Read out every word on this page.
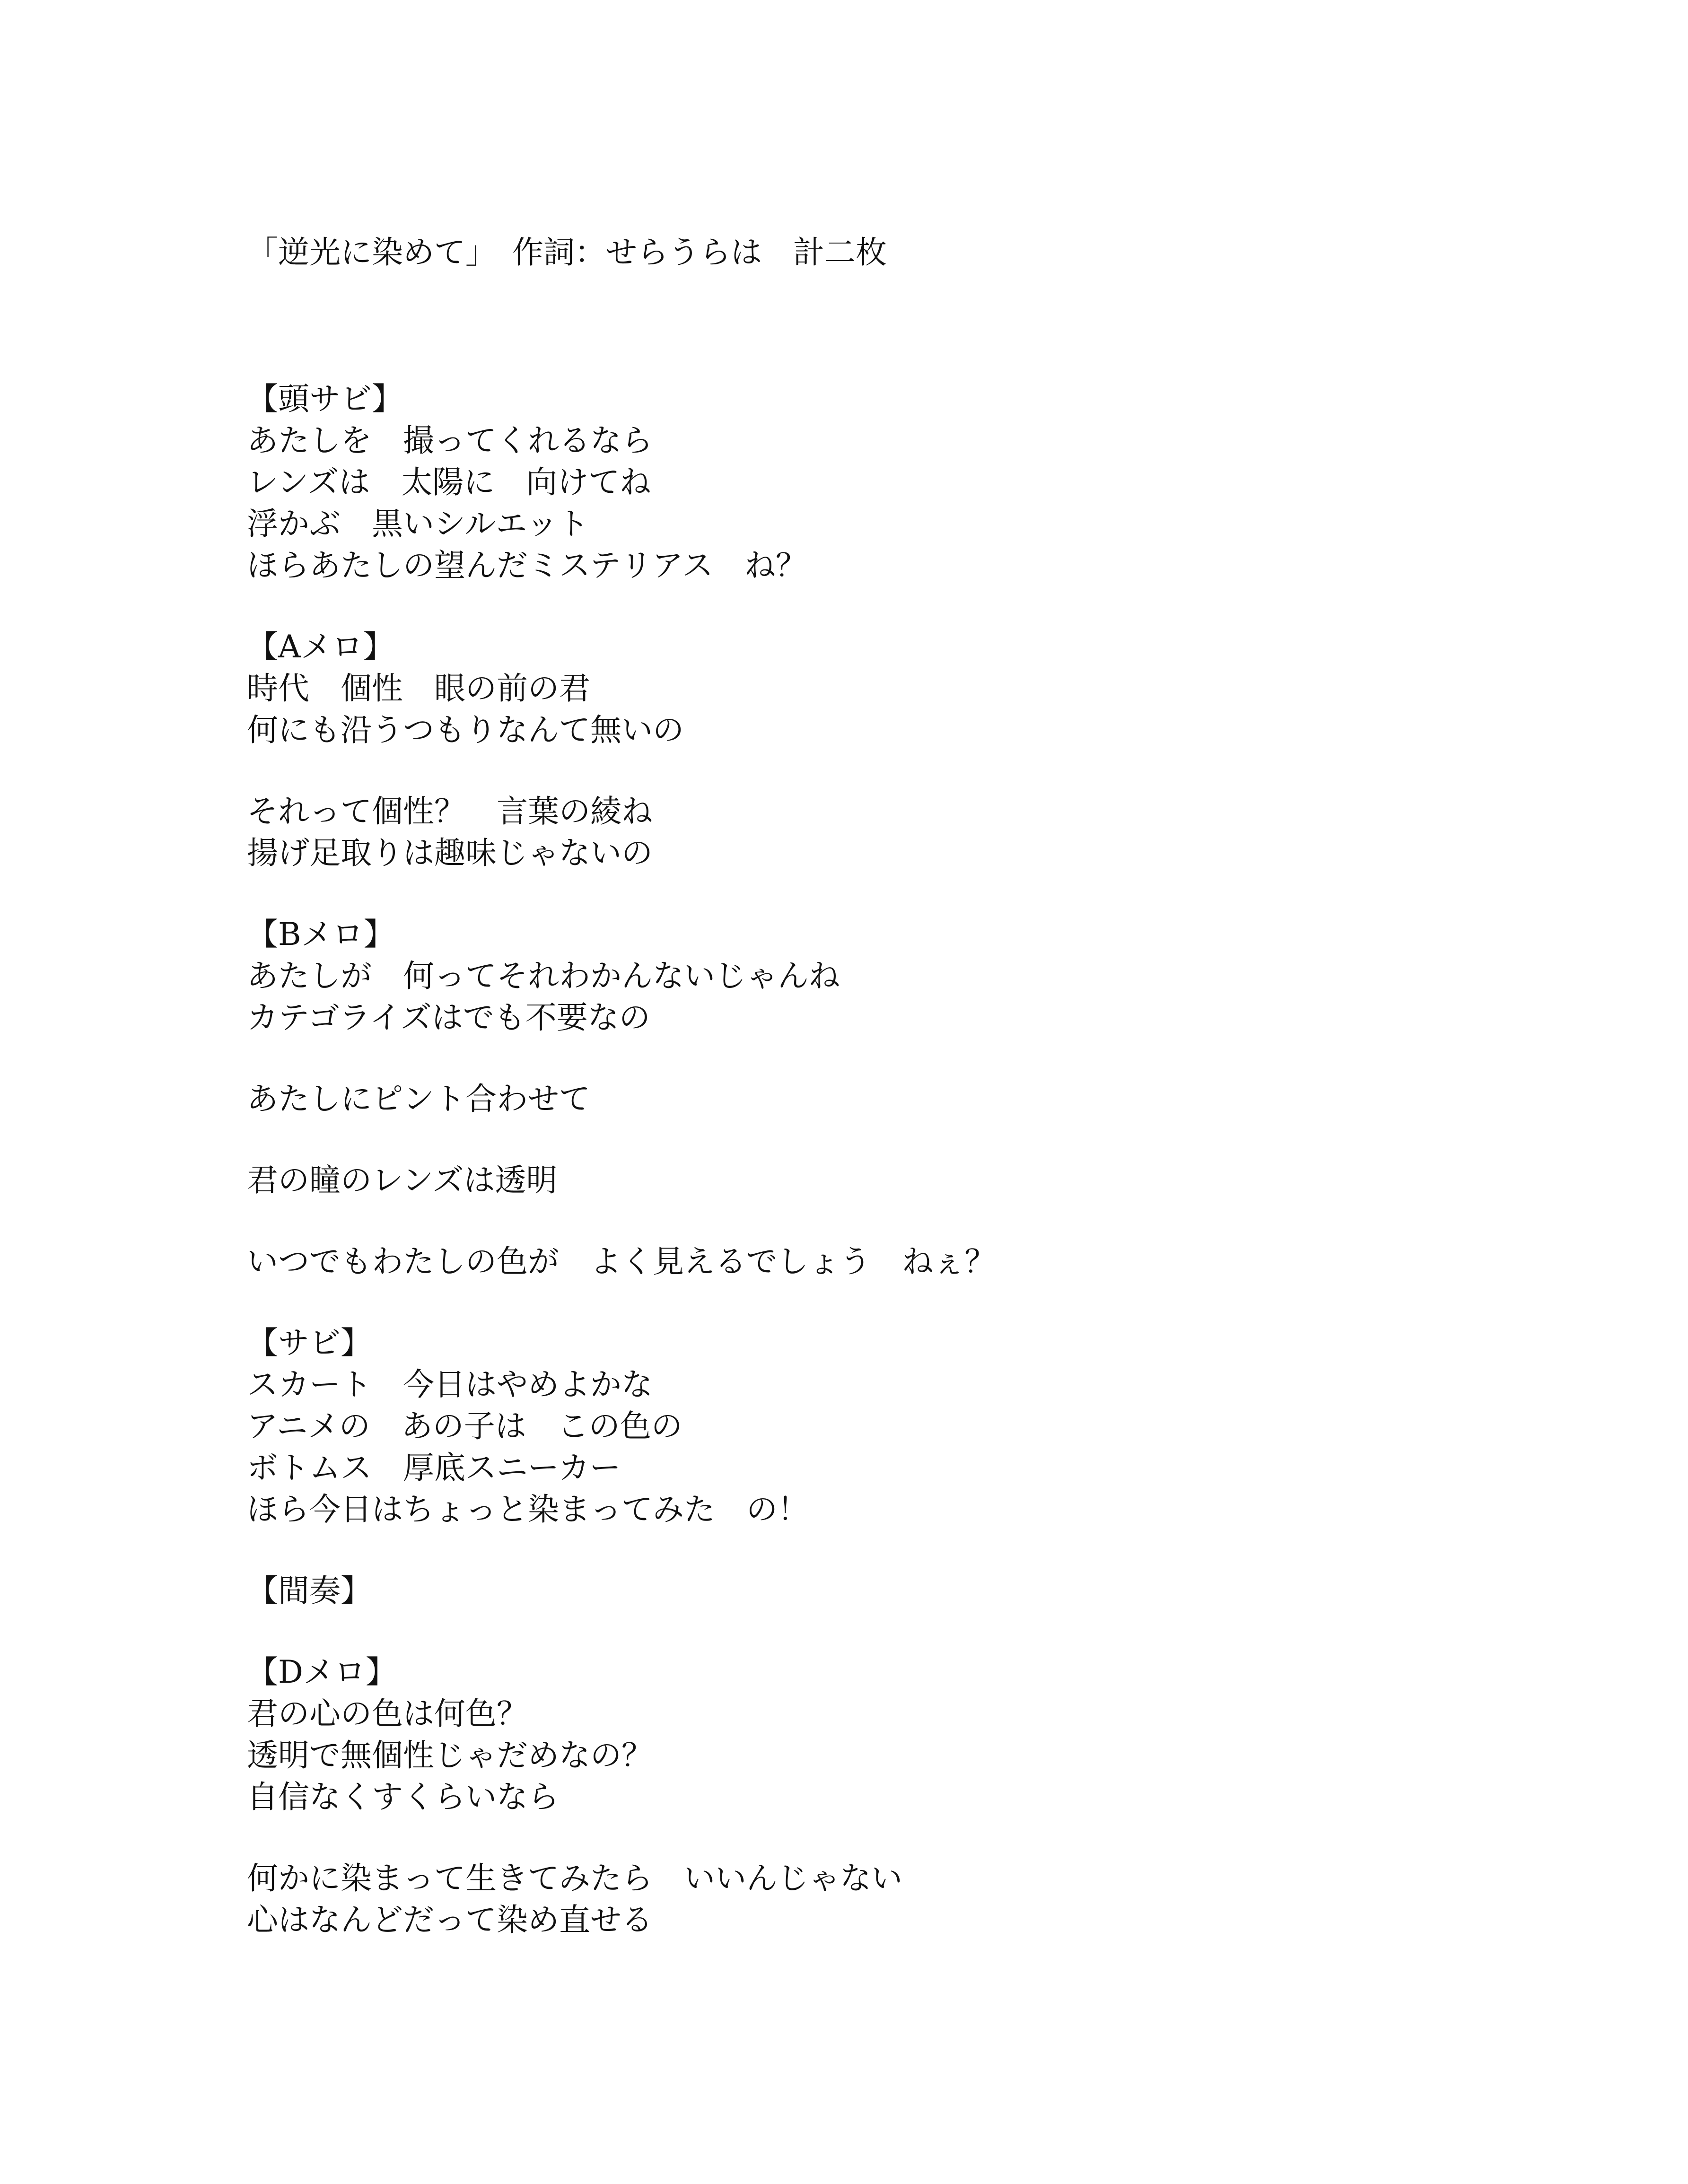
「逆光に染めて」　作詞：せらうらは　計二枚
【頭サビ】
あたしを　撮ってくれるなら
レンズは　太陽に　向けてね
浮かぶ　黒いシルエット
ほらあたしの望んだミステリアス　ね？
【Aメロ】
時代　個性　眼の前の君
何にも沿うつもりなんて無いの
それって個性？　言葉の綾ね
揚げ足取りは趣味じゃないの
【Bメロ】
あたしが　何ってそれわかんないじゃんね
カテゴライズはでも不要なの
あたしにピント合わせて
君の瞳のレンズは透明
いつでもわたしの色が　よく見えるでしょう　ねぇ？
【サビ】
スカート　今日はやめよかな
アニメの　あの子は　この色の
ボトムス　厚底スニーカー
ほら今日はちょっと染まってみた　の！
【間奏】
【Dメロ】
君の心の色は何色？
透明で無個性じゃだめなの？
自信なくすくらいなら
何かに染まって生きてみたら　いいんじゃない
心はなんどだって染め直せる
